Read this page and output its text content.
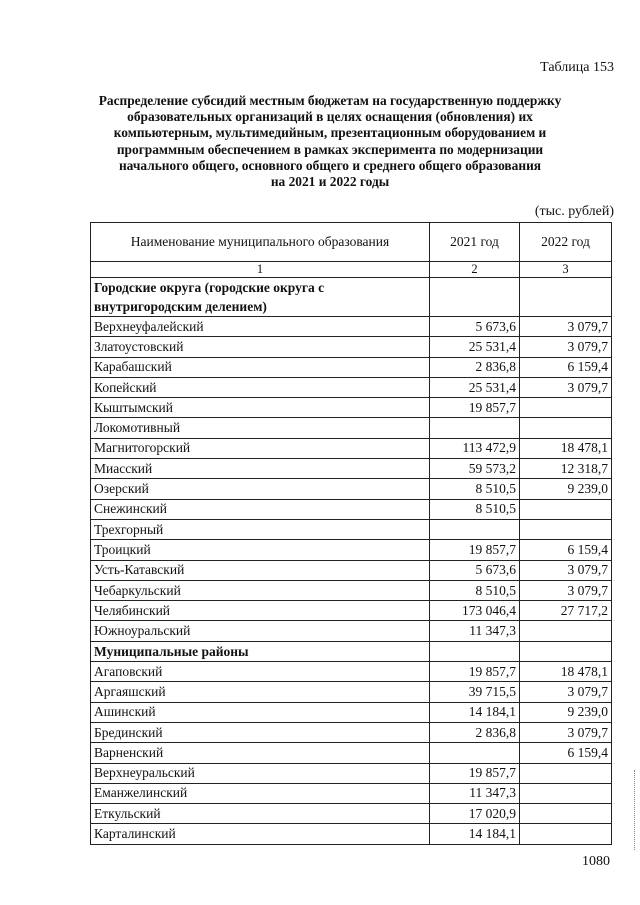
Таблица 153
Распределение субсидий местным бюджетам на государственную поддержку
образовательных организаций в целях оснащения (обновления) их
компьютерным, мультимедийным, презентационным оборудованием и
программным обеспечением в рамках эксперимента по модернизации
начального общего, основного общего и среднего общего образования
на 2021 и 2022 годы
(тыс. рублей)
Наименование муниципального образования	2021 год	2022 год
1	2	3
Городские округа (городские округа с внутригородским делением)		
Верхнеуфалейский	5 673,6	3 079,7
Златоустовский	25 531,4	3 079,7
Карабашский	2 836,8	6 159,4
Копейский	25 531,4	3 079,7
Кыштымский	19 857,7	
Локомотивный		
Магнитогорский	113 472,9	18 478,1
Миасский	59 573,2	12 318,7
Озерский	8 510,5	9 239,0
Снежинский	8 510,5	
Трехгорный		
Троицкий	19 857,7	6 159,4
Усть-Катавский	5 673,6	3 079,7
Чебаркульский	8 510,5	3 079,7
Челябинский	173 046,4	27 717,2
Южноуральский	11 347,3	
Муниципальные районы		
Агаповский	19 857,7	18 478,1
Аргаяшский	39 715,5	3 079,7
Ашинский	14 184,1	9 239,0
Брединский	2 836,8	3 079,7
Варненский		6 159,4
Верхнеуральский	19 857,7	
Еманжелинский	11 347,3	
Еткульский	17 020,9	
Карталинский	14 184,1	
1080
